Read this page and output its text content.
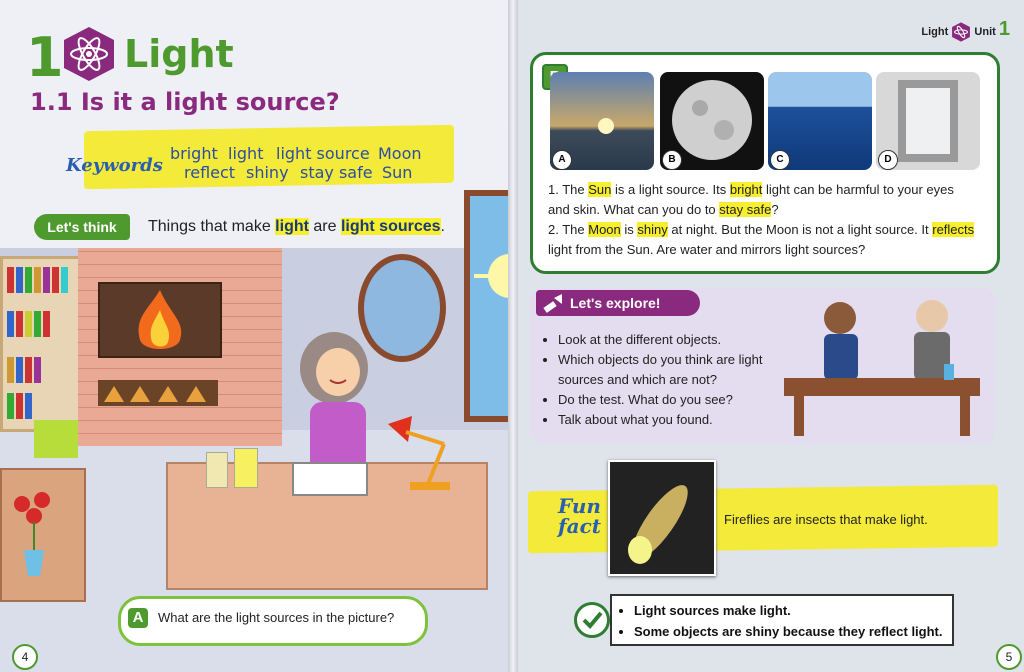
1 Light
1.1 Is it a light source?
Keywords
bright light light source Moon
reflect shiny stay safe Sun
Let's think	Things that make light are light sources.
A	What are the light sources in the picture?
4
Light Unit 1
A	B	C	D
1. The Sun is a light source. Its bright light can be harmful to your eyes and skin. What can you do to stay safe?
2. The Moon is shiny at night. But the Moon is not a light source. It reflects light from the Sun. Are water and mirrors light sources?
Let's explore!
• Look at the different objects.
• Which objects do you think are light sources and which are not?
• Do the test. What do you see?
• Talk about what you found.
Fun
fact	Fireflies are insects that make light.
• Light sources make light.
• Some objects are shiny because they reflect light.
5
